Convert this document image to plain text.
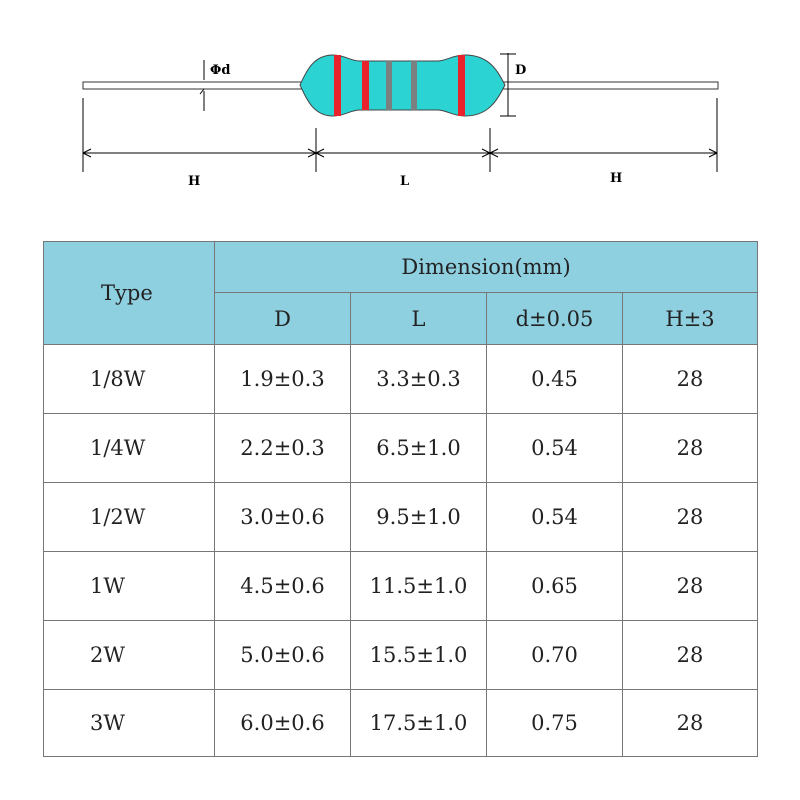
Φd	D
H	L	H
Type	Dimension(mm)			
	D	L	d±0.05	H±3
1/8W	1.9±0.3	3.3±0.3	0.45	28
1/4W	2.2±0.3	6.5±1.0	0.54	28
1/2W	3.0±0.6	9.5±1.0	0.54	28
1W	4.5±0.6	11.5±1.0	0.65	28
2W	5.0±0.6	15.5±1.0	0.70	28
3W	6.0±0.6	17.5±1.0	0.75	28
